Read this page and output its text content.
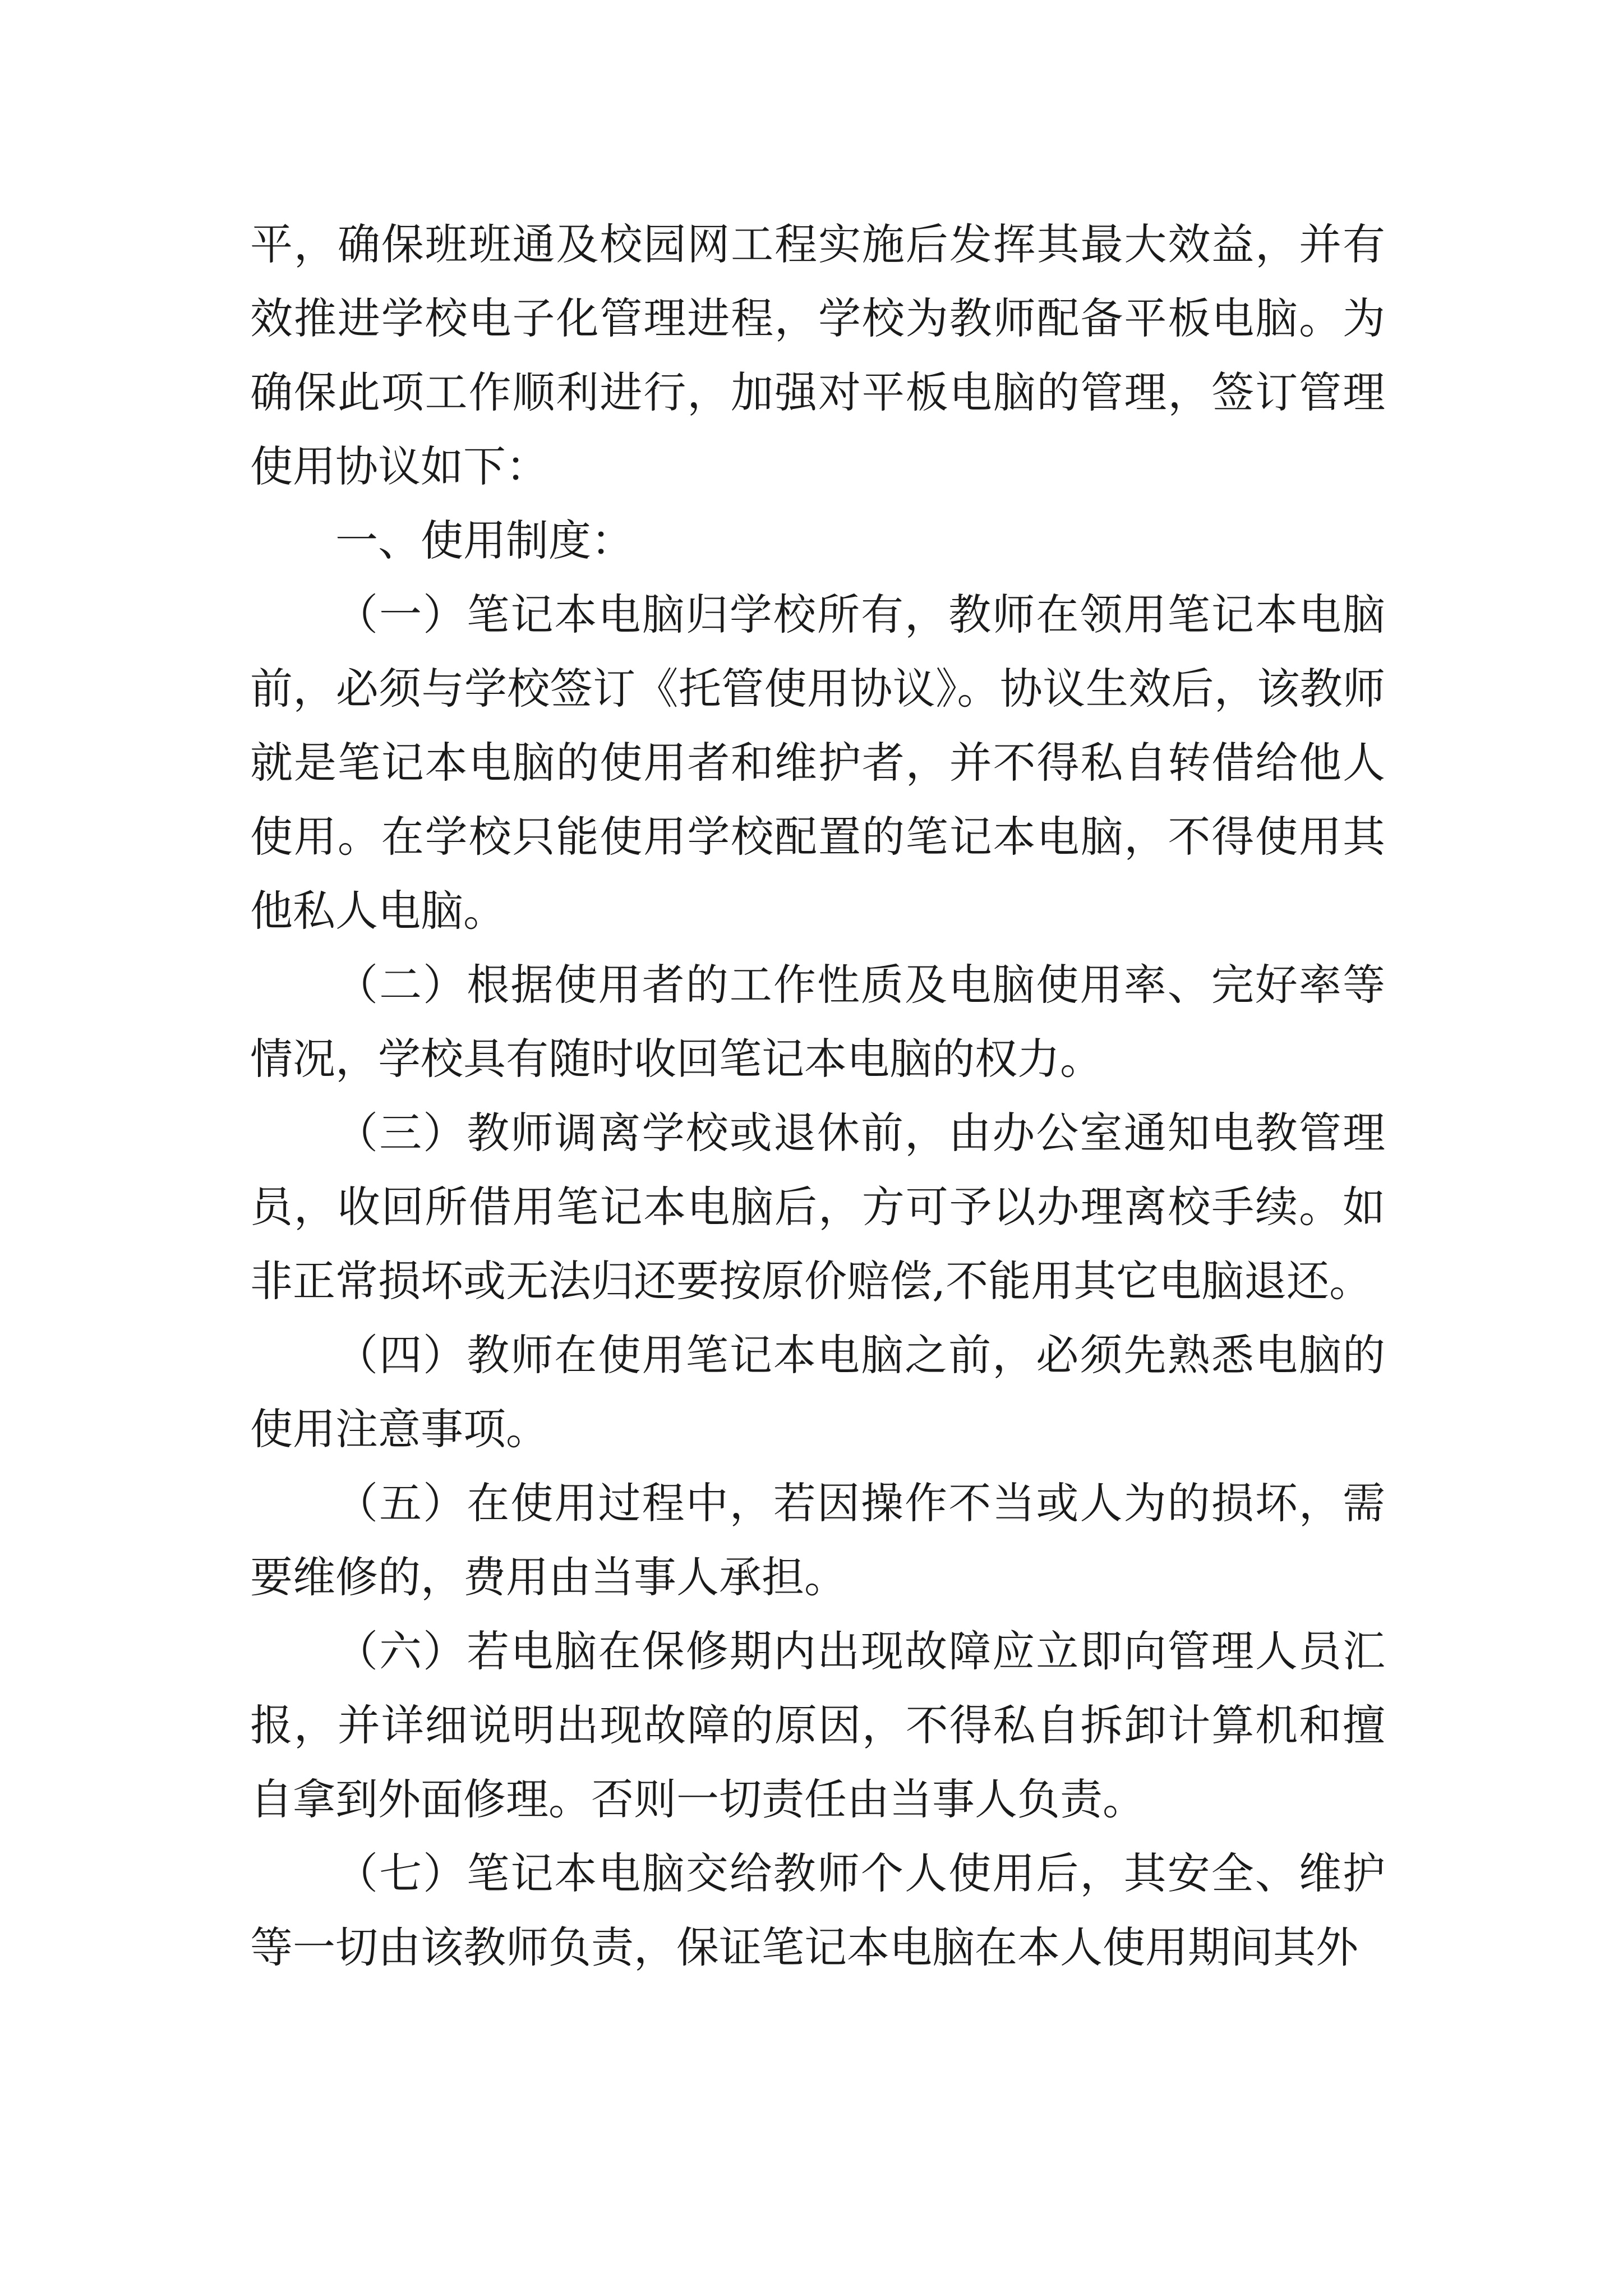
平，确保班班通及校园网工程实施后发挥其最大效益，并有效推进学校电子化管理进程，学校为教师配备平板电脑。为确保此项工作顺利进行，加强对平板电脑的管理，签订管理使用协议如下：

一、使用制度：

（一）笔记本电脑归学校所有，教师在领用笔记本电脑前，必须与学校签订《托管使用协议》。协议生效后，该教师就是笔记本电脑的使用者和维护者，并不得私自转借给他人使用。在学校只能使用学校配置的笔记本电脑，不得使用其他私人电脑。

（二）根据使用者的工作性质及电脑使用率、完好率等情况，学校具有随时收回笔记本电脑的权力。

（三）教师调离学校或退休前，由办公室通知电教管理员，收回所借用笔记本电脑后，方可予以办理离校手续。如非正常损坏或无法归还要按原价赔偿,不能用其它电脑退还。

（四）教师在使用笔记本电脑之前，必须先熟悉电脑的使用注意事项。

（五）在使用过程中，若因操作不当或人为的损坏，需要维修的，费用由当事人承担。

（六）若电脑在保修期内出现故障应立即向管理人员汇报，并详细说明出现故障的原因，不得私自拆卸计算机和擅自拿到外面修理。否则一切责任由当事人负责。

（七）笔记本电脑交给教师个人使用后，其安全、维护等一切由该教师负责，保证笔记本电脑在本人使用期间其外
